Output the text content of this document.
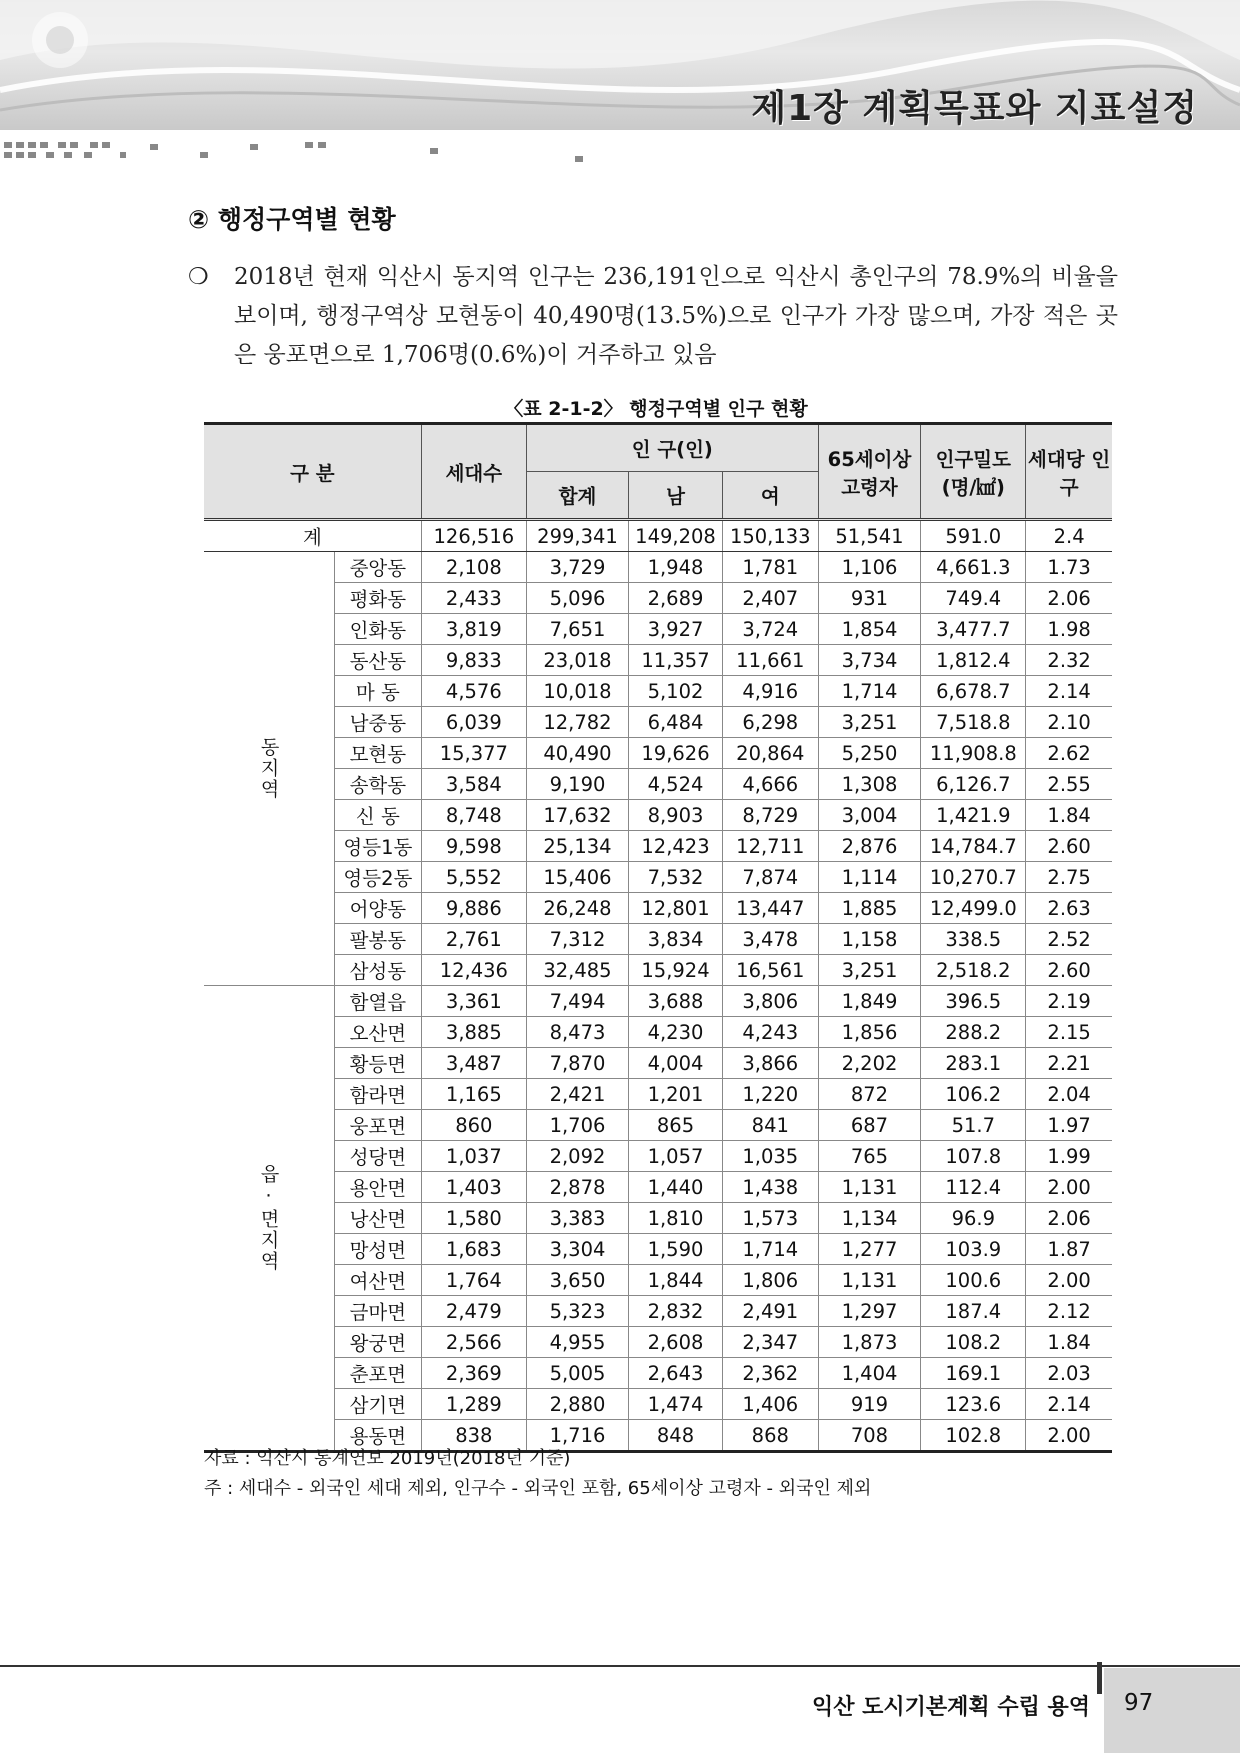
제1장 계획목표와 지표설정
② 행정구역별 현황
❍ 2018년 현재 익산시 동지역 인구는 236,191인으로 익산시 총인구의 78.9%의 비율을 보이며, 행정구역상 모현동이 40,490명(13.5%)으로 인구가 가장 많으며, 가장 적은 곳은 웅포면으로 1,706명(0.6%)이 거주하고 있음
〈표 2-1-2〉 행정구역별 인구 현황
구 분		세대수	인 구(인)			65세이상 고령자	인구밀도 (명/㎢)	세대당 인구
			합계	남	여			
계		126,516	299,341	149,208	150,133	51,541	591.0	2.4
동지역	중앙동	2,108	3,729	1,948	1,781	1,106	4,661.3	1.73
	평화동	2,433	5,096	2,689	2,407	931	749.4	2.06
	인화동	3,819	7,651	3,927	3,724	1,854	3,477.7	1.98
	동산동	9,833	23,018	11,357	11,661	3,734	1,812.4	2.32
	마 동	4,576	10,018	5,102	4,916	1,714	6,678.7	2.14
	남중동	6,039	12,782	6,484	6,298	3,251	7,518.8	2.10
	모현동	15,377	40,490	19,626	20,864	5,250	11,908.8	2.62
	송학동	3,584	9,190	4,524	4,666	1,308	6,126.7	2.55
	신 동	8,748	17,632	8,903	8,729	3,004	1,421.9	1.84
	영등1동	9,598	25,134	12,423	12,711	2,876	14,784.7	2.60
	영등2동	5,552	15,406	7,532	7,874	1,114	10,270.7	2.75
	어양동	9,886	26,248	12,801	13,447	1,885	12,499.0	2.63
	팔봉동	2,761	7,312	3,834	3,478	1,158	338.5	2.52
	삼성동	12,436	32,485	15,924	16,561	3,251	2,518.2	2.60
읍·면지역	함열읍	3,361	7,494	3,688	3,806	1,849	396.5	2.19
	오산면	3,885	8,473	4,230	4,243	1,856	288.2	2.15
	황등면	3,487	7,870	4,004	3,866	2,202	283.1	2.21
	함라면	1,165	2,421	1,201	1,220	872	106.2	2.04
	웅포면	860	1,706	865	841	687	51.7	1.97
	성당면	1,037	2,092	1,057	1,035	765	107.8	1.99
	용안면	1,403	2,878	1,440	1,438	1,131	112.4	2.00
	낭산면	1,580	3,383	1,810	1,573	1,134	96.9	2.06
	망성면	1,683	3,304	1,590	1,714	1,277	103.9	1.87
	여산면	1,764	3,650	1,844	1,806	1,131	100.6	2.00
	금마면	2,479	5,323	2,832	2,491	1,297	187.4	2.12
	왕궁면	2,566	4,955	2,608	2,347	1,873	108.2	1.84
	춘포면	2,369	5,005	2,643	2,362	1,404	169.1	2.03
	삼기면	1,289	2,880	1,474	1,406	919	123.6	2.14
	용동면	838	1,716	848	868	708	102.8	2.00
자료 : 익산시 통계연보 2019년(2018년 기준)
주 : 세대수 - 외국인 세대 제외, 인구수 - 외국인 포함, 65세이상 고령자 - 외국인 제외
익산 도시기본계획 수립 용역 97
